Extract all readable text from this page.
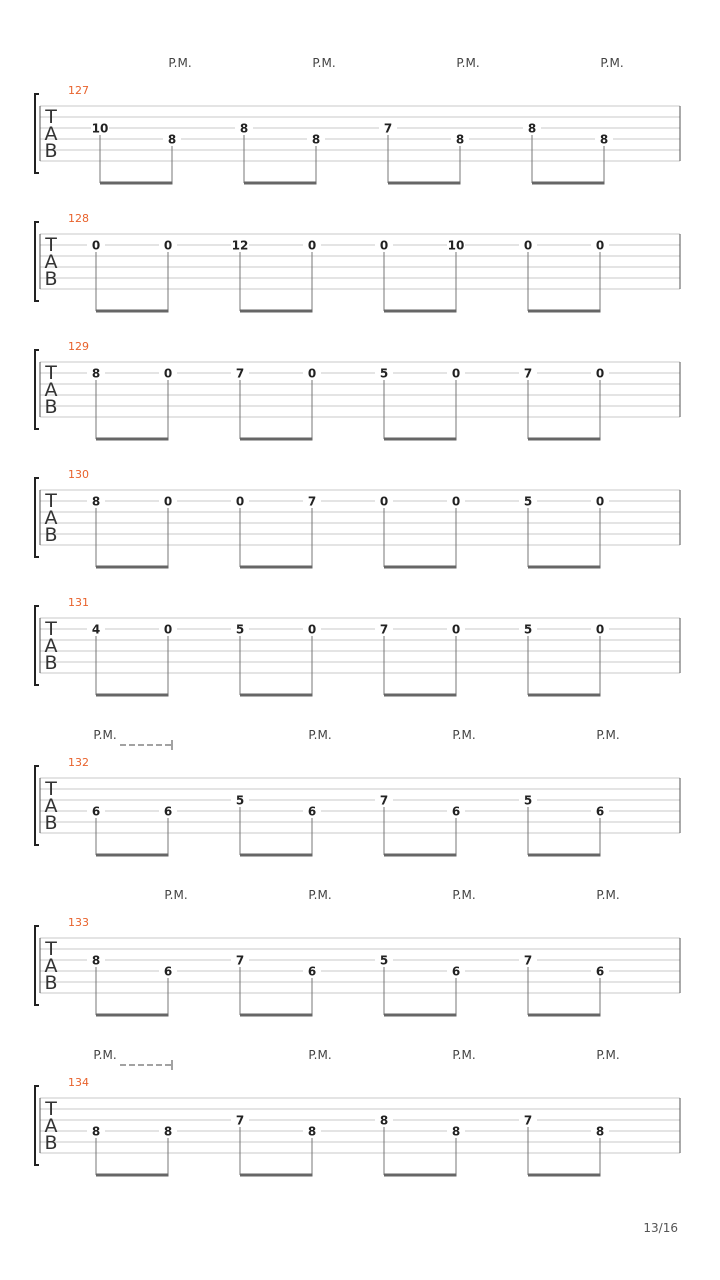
T
A
B
127
P.M.	P.M.	P.M.	P.M.
10
8
8
8
7
8
8
8
T
A
B
128
0	0	12	0	0	10	0	0
T
A
B
129
8	0	7	0	5	0	7	0
T
A
B
130
8	0	0	7	0	0	5	0
T
A
B
131
4	0	5	0	7	0	5	0
T
A
B
132
P.M.	P.M.	P.M.	P.M.
6	6
5
6
7
6
5
6
T
A
B
133
P.M.	P.M.	P.M.	P.M.
8
6
7
6
5
6
7
6
T
A
B
134
P.M.	P.M.	P.M.	P.M.
8	8
7
8
8
8
7
8
13/16
